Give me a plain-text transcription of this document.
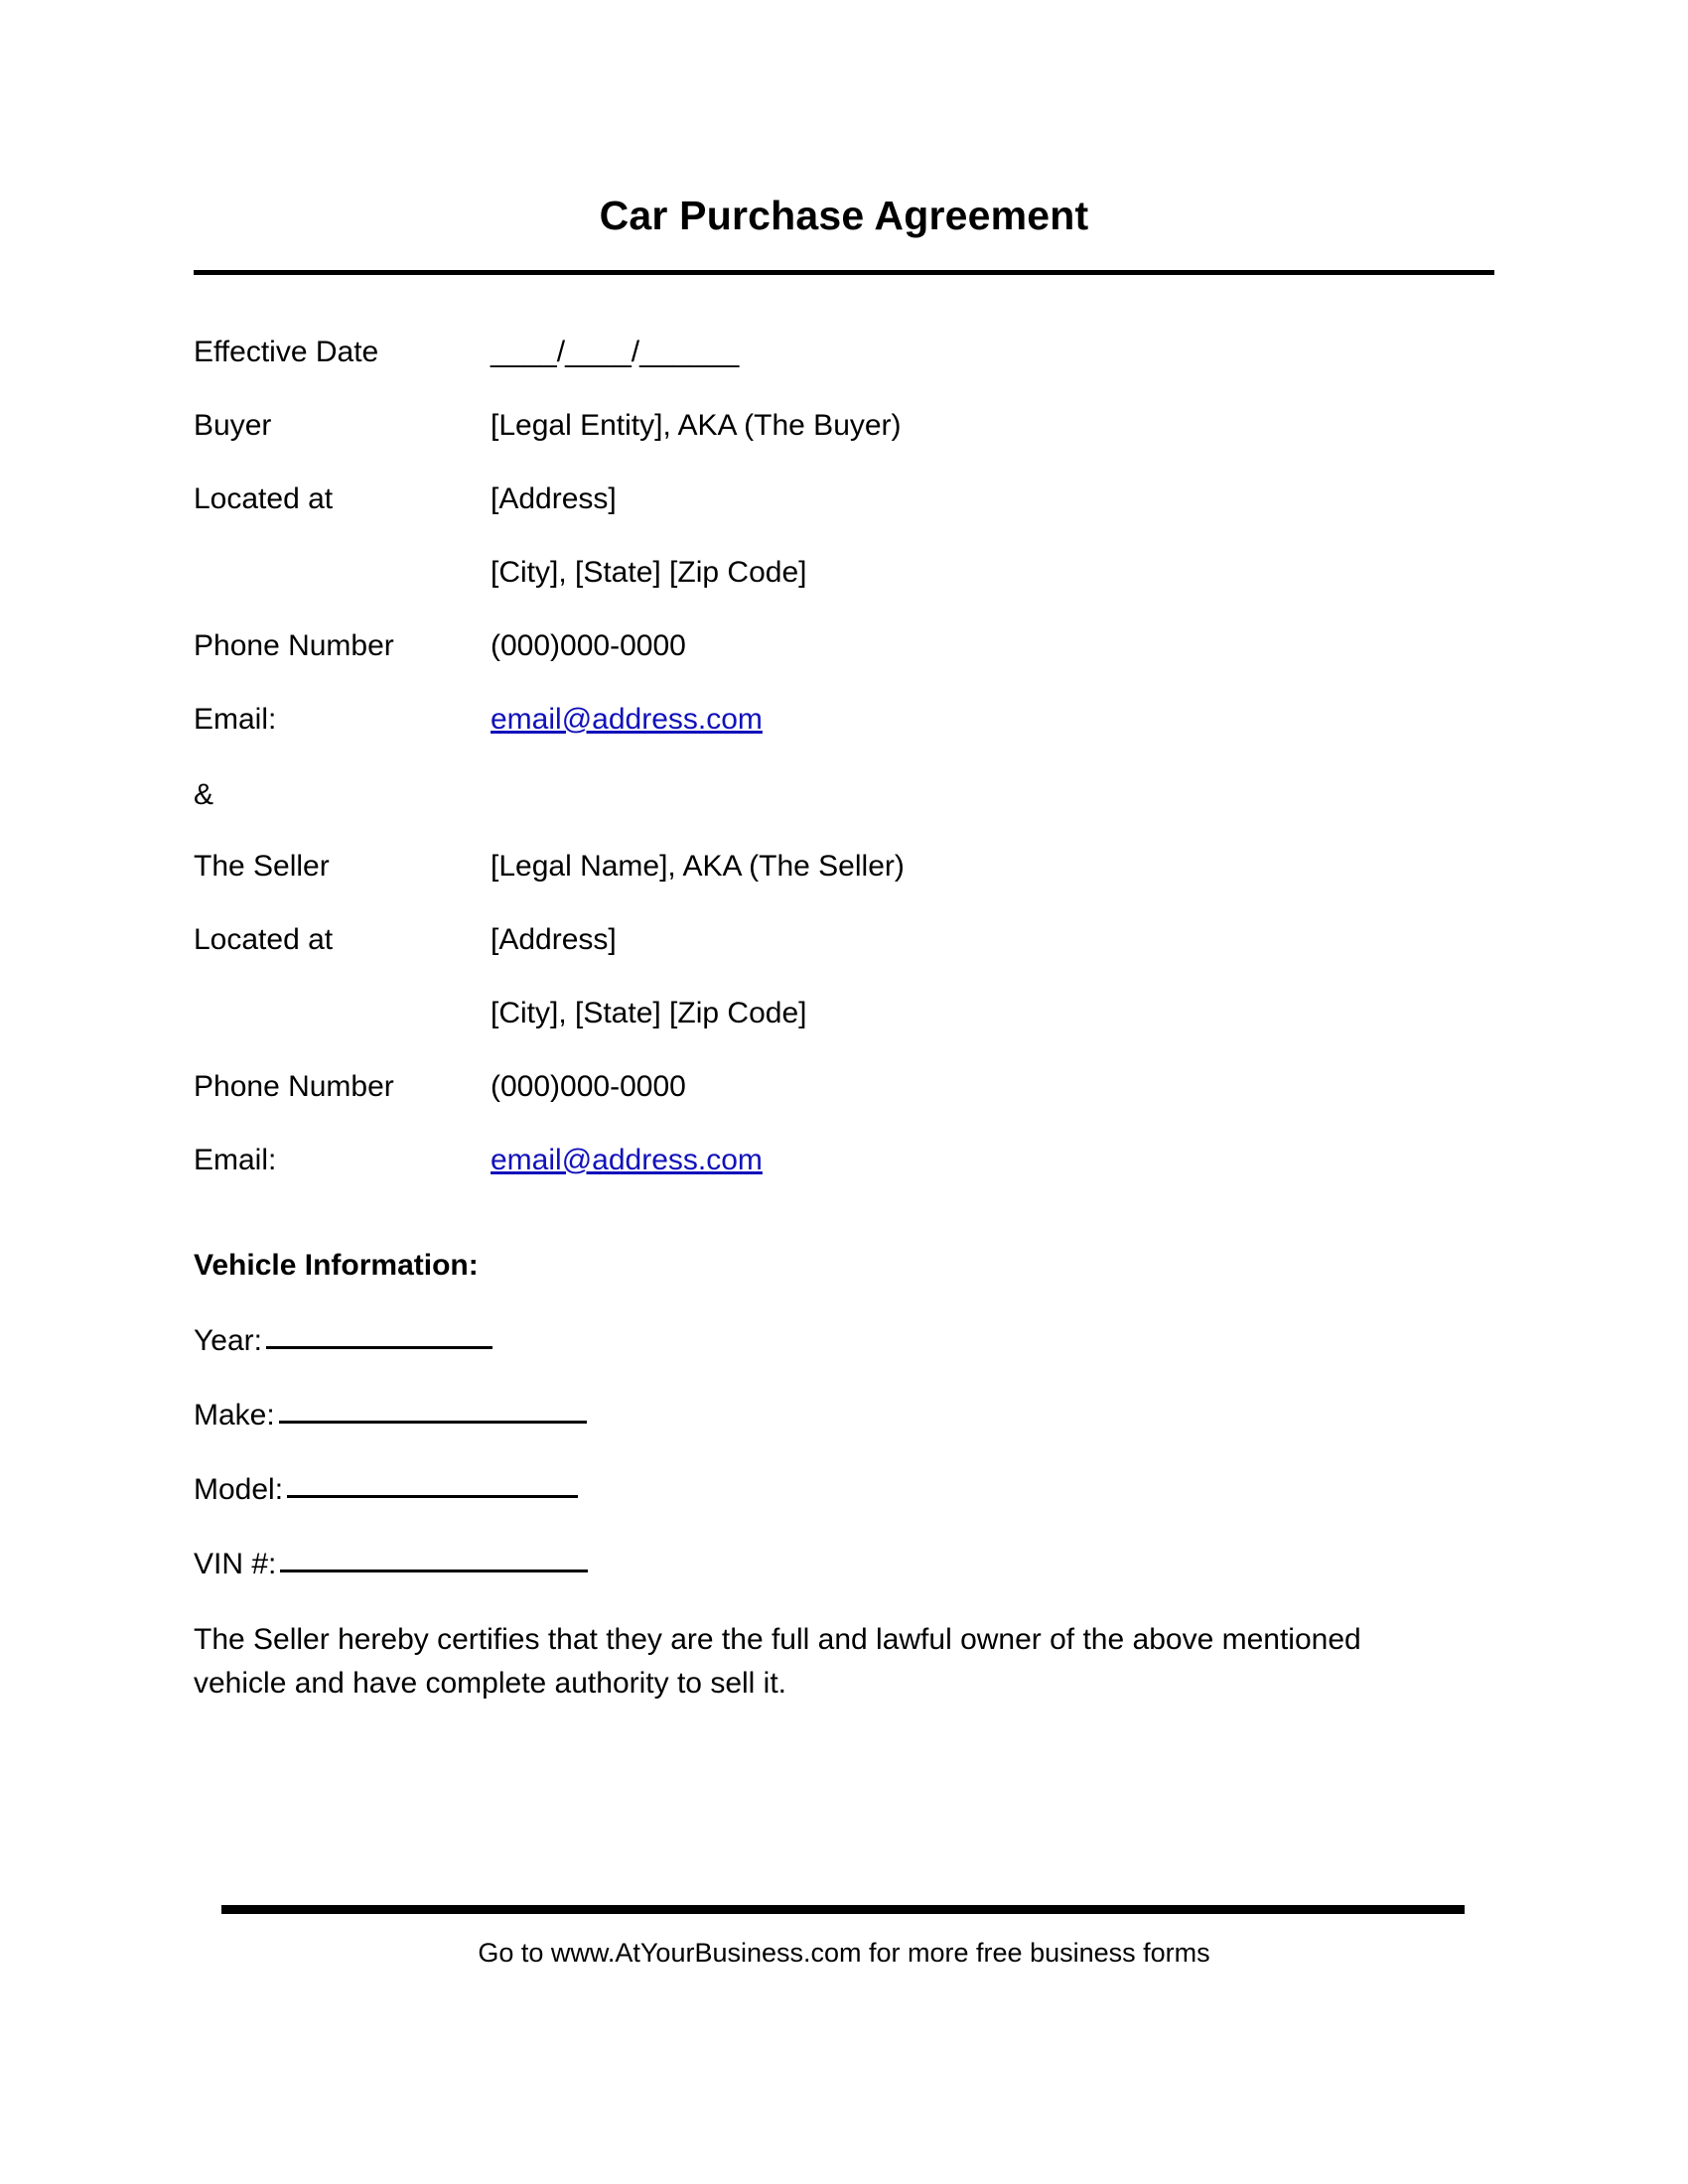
Car Purchase Agreement
Effective Date	____/____/______
Buyer	[Legal Entity], AKA (The Buyer)
Located at	[Address]
[City], [State] [Zip Code]
Phone Number	(000)000-0000
Email:	email@address.com
&
The Seller	[Legal Name], AKA (The Seller)
Located at	[Address]
[City], [State] [Zip Code]
Phone Number	(000)000-0000
Email:	email@address.com
Vehicle Information:
Year:
Make:
Model:
VIN #:
The Seller hereby certifies that they are the full and lawful owner of the above mentioned vehicle and have complete authority to sell it.
Go to www.AtYourBusiness.com for more free business forms
